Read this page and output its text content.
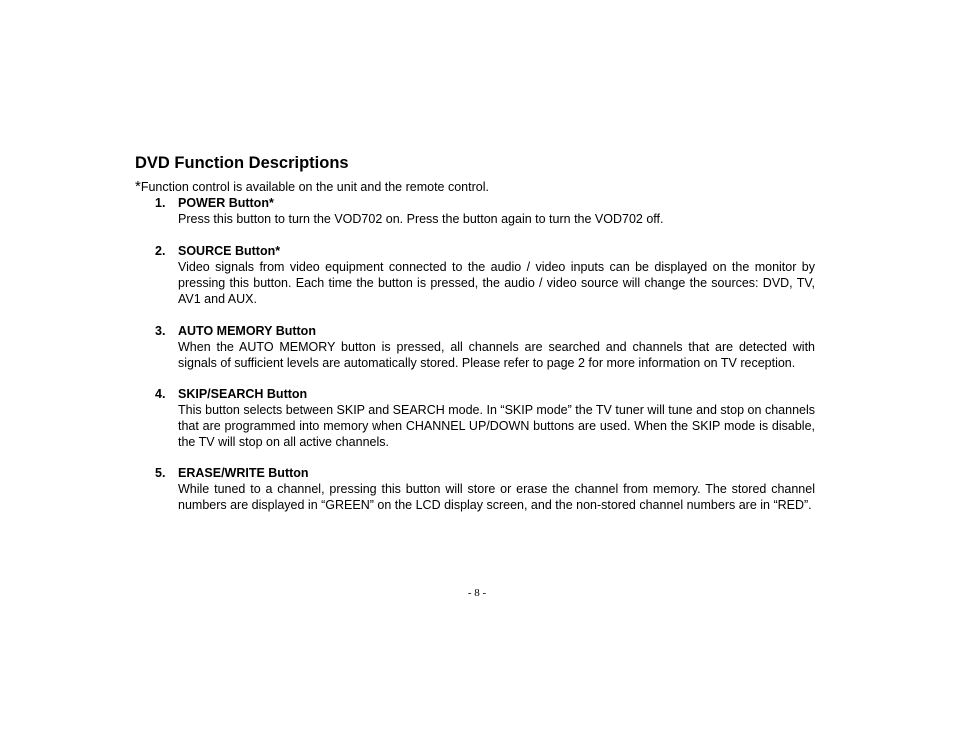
DVD Function Descriptions
*Function control is available on the unit and the remote control.
1. POWER Button*
Press this button to turn the VOD702 on. Press the button again to turn the VOD702 off.
2. SOURCE Button*
Video signals from video equipment connected to the audio / video inputs can be displayed on the monitor by pressing this button. Each time the button is pressed, the audio / video source will change the sources: DVD, TV, AV1 and AUX.
3. AUTO MEMORY Button
When the AUTO MEMORY button is pressed, all channels are searched and channels that are detected with signals of sufficient levels are automatically stored. Please refer to page 2 for more information on TV reception.
4. SKIP/SEARCH Button
This button selects between SKIP and SEARCH mode. In “SKIP mode” the TV tuner will tune and stop on channels that are programmed into memory when CHANNEL UP/DOWN buttons are used. When the SKIP mode is disable, the TV will stop on all active channels.
5. ERASE/WRITE Button
While tuned to a channel, pressing this button will store or erase the channel from memory. The stored channel numbers are displayed in “GREEN” on the LCD display screen, and the non-stored channel numbers are in “RED”.
- 8 -
